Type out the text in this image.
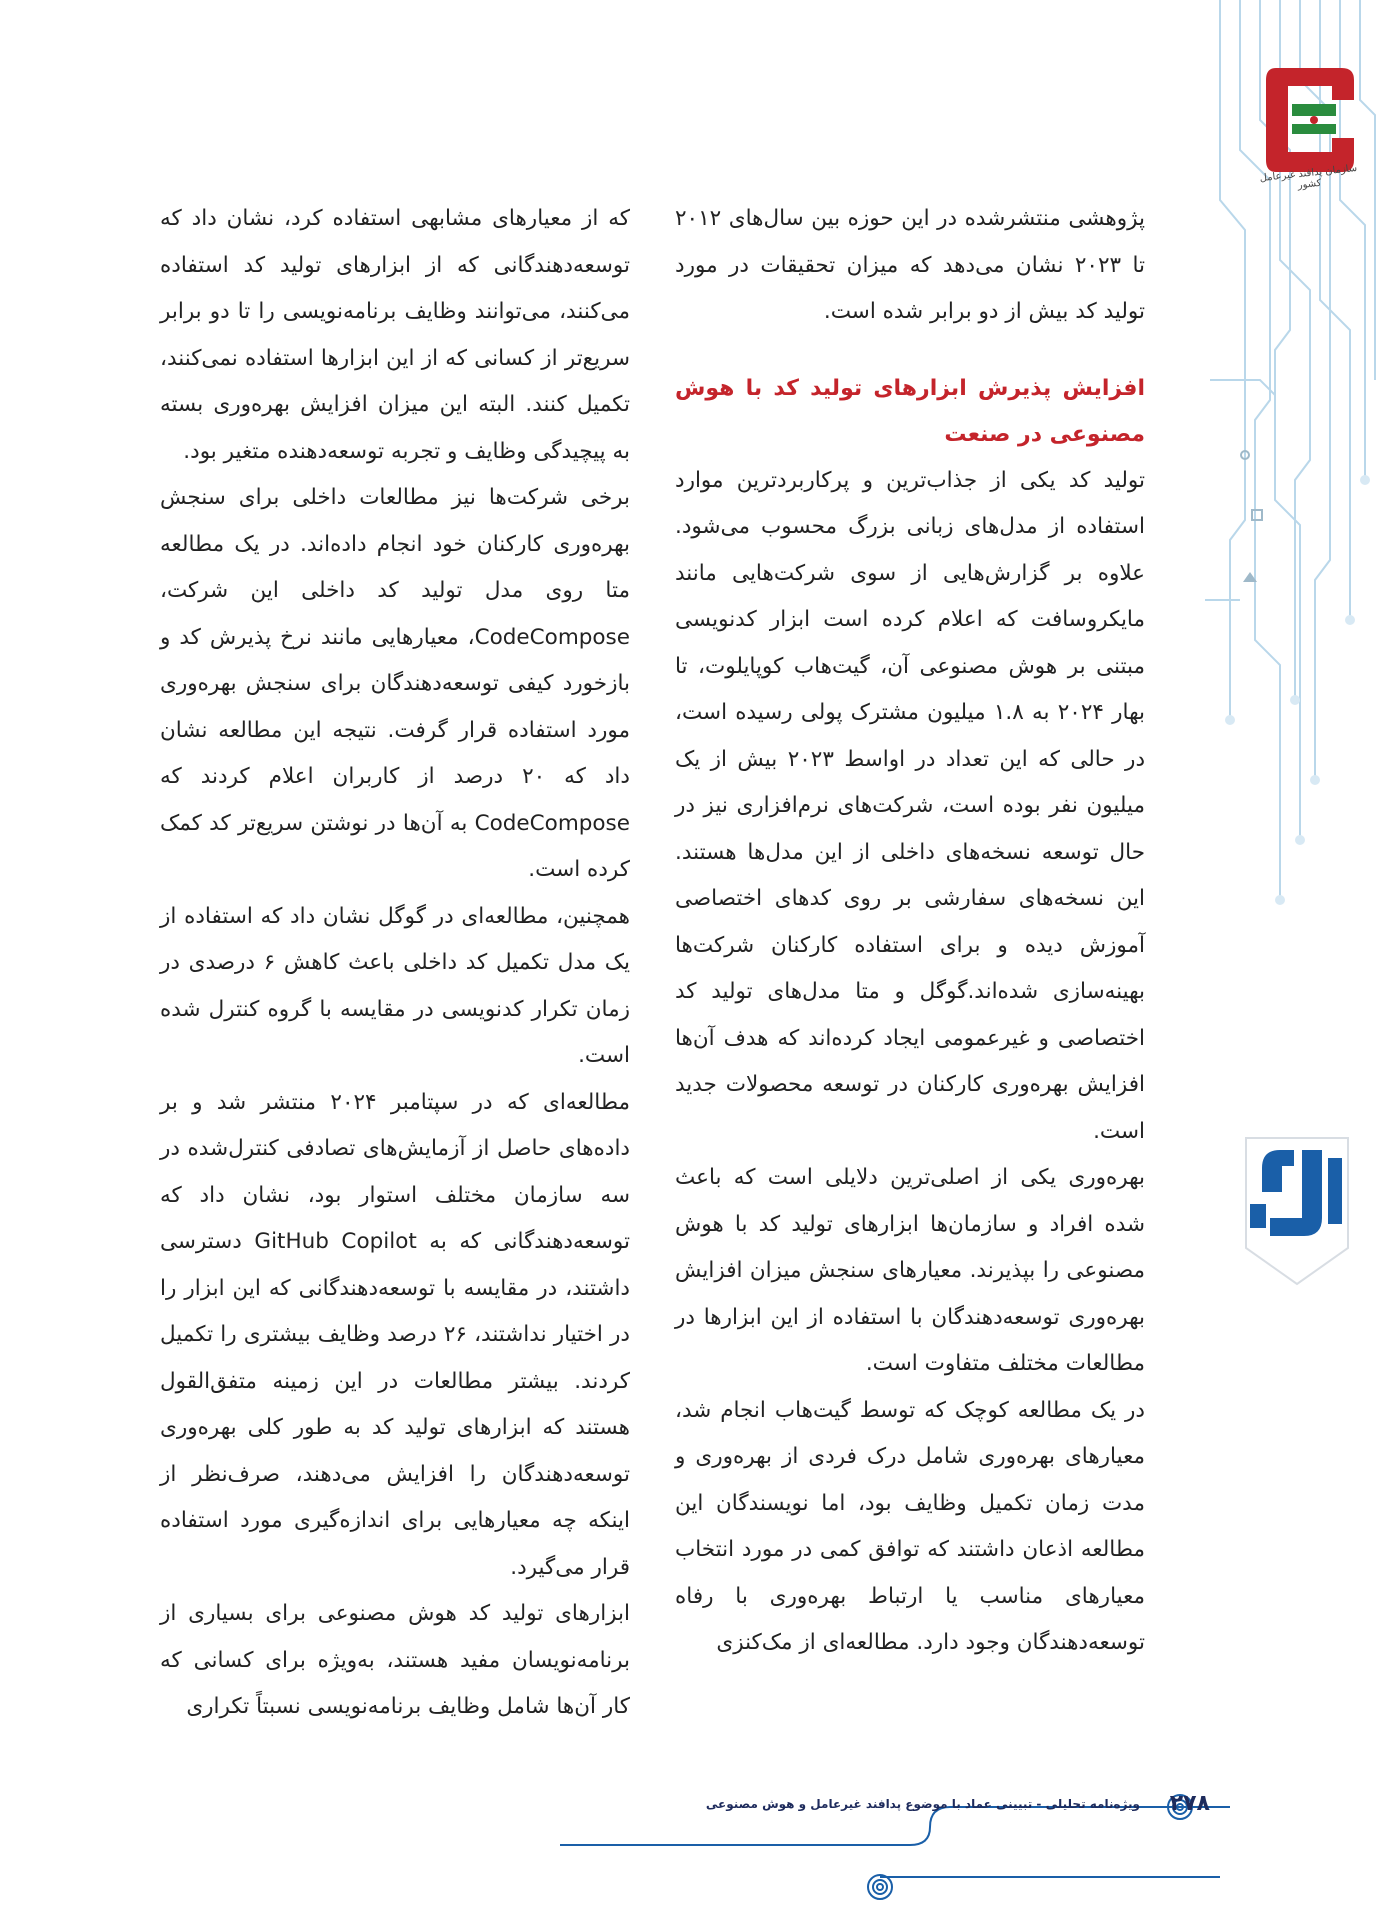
سازمان پدافند غیرعامل کشور

پژوهشی منتشرشده در این حوزه بین سال‌های ۲۰۱۲ تا ۲۰۲۳ نشان می‌دهد که میزان تحقیقات در مورد تولید کد بیش از دو برابر شده است.

افزایش پذیرش ابزارهای تولید کد با هوش مصنوعی در صنعت

تولید کد یکی از جذاب‌ترین و پرکاربردترین موارد استفاده از مدل‌های زبانی بزرگ محسوب می‌شود. علاوه بر گزارش‌هایی از سوی شرکت‌هایی مانند مایکروسافت که اعلام کرده است ابزار کدنویسی مبتنی بر هوش مصنوعی آن، گیت‌هاب کوپایلوت، تا بهار ۲۰۲۴ به ۱.۸ میلیون مشترک پولی رسیده است، در حالی که این تعداد در اواسط ۲۰۲۳ بیش از یک میلیون نفر بوده است، شرکت‌های نرم‌افزاری نیز در حال توسعه نسخه‌های داخلی از این مدل‌ها هستند. این نسخه‌های سفارشی بر روی کدهای اختصاصی آموزش دیده و برای استفاده کارکنان شرکت‌ها بهینه‌سازی شده‌اند.گوگل و متا مدل‌های تولید کد اختصاصی و غیرعمومی ایجاد کرده‌اند که هدف آن‌ها افزایش بهره‌وری کارکنان در توسعه محصولات جدید است.

بهره‌وری یکی از اصلی‌ترین دلایلی است که باعث شده افراد و سازمان‌ها ابزارهای تولید کد با هوش مصنوعی را بپذیرند. معیارهای سنجش میزان افزایش بهره‌وری توسعه‌دهندگان با استفاده از این ابزارها در مطالعات مختلف متفاوت است.

در یک مطالعه کوچک که توسط گیت‌هاب انجام شد، معیارهای بهره‌وری شامل درک فردی از بهره‌وری و مدت زمان تکمیل وظایف بود، اما نویسندگان این مطالعه اذعان داشتند که توافق کمی در مورد انتخاب معیارهای مناسب یا ارتباط بهره‌وری با رفاه توسعه‌دهندگان وجود دارد. مطالعه‌ای از مک‌کنزی

که از معیارهای مشابهی استفاده کرد، نشان داد که توسعه‌دهندگانی که از ابزارهای تولید کد استفاده می‌کنند، می‌توانند وظایف برنامه‌نویسی را تا دو برابر سریع‌تر از کسانی که از این ابزارها استفاده نمی‌کنند، تکمیل کنند. البته این میزان افزایش بهره‌وری بسته به پیچیدگی وظایف و تجربه توسعه‌دهنده متغیر بود.

برخی شرکت‌ها نیز مطالعات داخلی برای سنجش بهره‌وری کارکنان خود انجام داده‌اند. در یک مطالعه متا روی مدل تولید کد داخلی این شرکت، CodeCompose، معیارهایی مانند نرخ پذیرش کد و بازخورد کیفی توسعه‌دهندگان برای سنجش بهره‌وری مورد استفاده قرار گرفت. نتیجه این مطالعه نشان داد که ۲۰ درصد از کاربران اعلام کردند که CodeCompose به آن‌ها در نوشتن سریع‌تر کد کمک کرده است.

همچنین، مطالعه‌ای در گوگل نشان داد که استفاده از یک مدل تکمیل کد داخلی باعث کاهش ۶ درصدی در زمان تکرار کدنویسی در مقایسه با گروه کنترل شده است.

مطالعه‌ای که در سپتامبر ۲۰۲۴ منتشر شد و بر داده‌های حاصل از آزمایش‌های تصادفی کنترل‌شده در سه سازمان مختلف استوار بود، نشان داد که توسعه‌دهندگانی که به GitHub Copilot دسترسی داشتند، در مقایسه با توسعه‌دهندگانی که این ابزار را در اختیار نداشتند، ۲۶ درصد وظایف بیشتری را تکمیل کردند. بیشتر مطالعات در این زمینه متفق‌القول هستند که ابزارهای تولید کد به طور کلی بهره‌وری توسعه‌دهندگان را افزایش می‌دهند، صرف‌نظر از اینکه چه معیارهایی برای اندازه‌گیری مورد استفاده قرار می‌گیرد.

ابزارهای تولید کد هوش مصنوعی برای بسیاری از برنامه‌نویسان مفید هستند، به‌ویژه برای کسانی که کار آن‌ها شامل وظایف برنامه‌نویسی نسبتاً تکراری

۲۷۸
ویژه‌نامه تحلیلی - تبیینی عماد با موضوع پدافند غیرعامل و هوش مصنوعی
